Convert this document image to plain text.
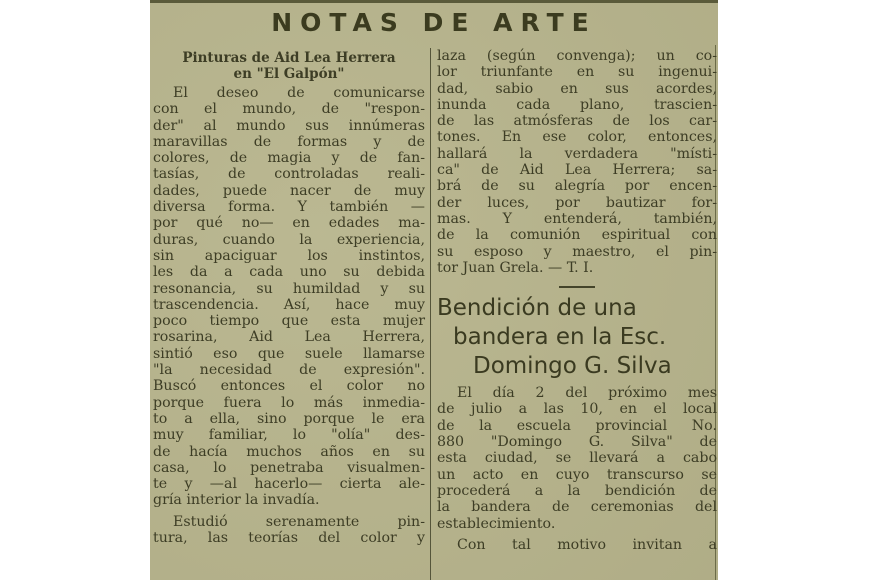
NOTAS DE ARTE
Pinturas de Aid Lea Herrera
en "El Galpón"
El deseo de comunicarse
con el mundo, de "respon-
der" al mundo sus innúmeras
maravillas de formas y de
colores, de magia y de fan-
tasías, de controladas reali-
dades, puede nacer de muy
diversa forma. Y también —
por qué no— en edades ma-
duras, cuando la experiencia,
sin apaciguar los instintos,
les da a cada uno su debida
resonancia, su humildad y su
trascendencia. Así, hace muy
poco tiempo que esta mujer
rosarina, Aid Lea Herrera,
sintió eso que suele llamarse
"la necesidad de expresión".
Buscó entonces el color no
porque fuera lo más inmedia-
to a ella, sino porque le era
muy familiar, lo "olía" des-
de hacía muchos años en su
casa, lo penetraba visualmen-
te y —al hacerlo— cierta ale-
gría interior la invadía.
Estudió serenamente pin-
tura, las teorías del color y
laza (según convenga); un co-
lor triunfante en su ingenui-
dad, sabio en sus acordes,
inunda cada plano, trascien-
de las atmósferas de los car-
tones. En ese color, entonces,
hallará la verdadera "místi-
ca" de Aid Lea Herrera; sa-
brá de su alegría por encen-
der luces, por bautizar for-
mas. Y entenderá, también,
de la comunión espiritual con
su esposo y maestro, el pin-
tor Juan Grela. — T. I.
Bendición de una
bandera en la Esc.
Domingo G. Silva
El día 2 del próximo mes
de julio a las 10, en el local
de la escuela provincial No.
880 "Domingo G. Silva" de
esta ciudad, se llevará a cabo
un acto en cuyo transcurso se
procederá a la bendición de
la bandera de ceremonias del
establecimiento.
Con tal motivo invitan a
